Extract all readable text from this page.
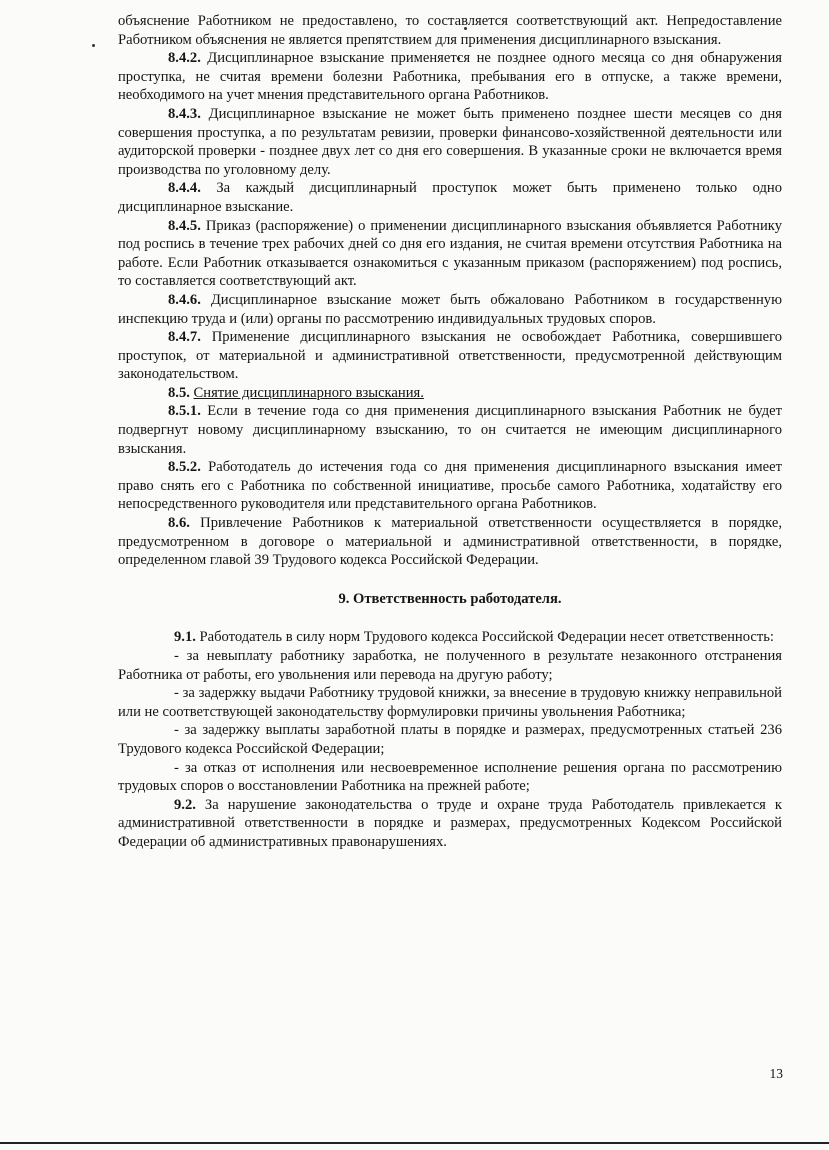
объяснение Работником не предоставлено, то составляется соответствующий акт. Непредоставление Работником объяснения не является препятствием для применения дисциплинарного взыскания.

8.4.2. Дисциплинарное взыскание применяется не позднее одного месяца со дня обнаружения проступка, не считая времени болезни Работника, пребывания его в отпуске, а также времени, необходимого на учет мнения представительного органа Работников.

8.4.3. Дисциплинарное взыскание не может быть применено позднее шести месяцев со дня совершения проступка, а по результатам ревизии, проверки финансово-хозяйственной деятельности или аудиторской проверки - позднее двух лет со дня его совершения. В указанные сроки не включается время производства по уголовному делу.

8.4.4. За каждый дисциплинарный проступок может быть применено только одно дисциплинарное взыскание.

8.4.5. Приказ (распоряжение) о применении дисциплинарного взыскания объявляется Работнику под роспись в течение трех рабочих дней со дня его издания, не считая времени отсутствия Работника на работе. Если Работник отказывается ознакомиться с указанным приказом (распоряжением) под роспись, то составляется соответствующий акт.

8.4.6. Дисциплинарное взыскание может быть обжаловано Работником в государственную инспекцию труда и (или) органы по рассмотрению индивидуальных трудовых споров.

8.4.7. Применение дисциплинарного взыскания не освобождает Работника, совершившего проступок, от материальной и административной ответственности, предусмотренной действующим законодательством.

8.5. Снятие дисциплинарного взыскания.

8.5.1. Если в течение года со дня применения дисциплинарного взыскания Работник не будет подвергнут новому дисциплинарному взысканию, то он считается не имеющим дисциплинарного взыскания.

8.5.2. Работодатель до истечения года со дня применения дисциплинарного взыскания имеет право снять его с Работника по собственной инициативе, просьбе самого Работника, ходатайству его непосредственного руководителя или представительного органа Работников.

8.6. Привлечение Работников к материальной ответственности осуществляется в порядке, предусмотренном в договоре о материальной и административной ответственности, в порядке, определенном главой 39 Трудового кодекса Российской Федерации.

9. Ответственность работодателя.

9.1. Работодатель в силу норм Трудового кодекса Российской Федерации несет ответственность:

- за невыплату работнику заработка, не полученного в результате незаконного отстранения Работника от работы, его увольнения или перевода на другую работу;

- за задержку выдачи Работнику трудовой книжки, за внесение в трудовую книжку неправильной или не соответствующей законодательству формулировки причины увольнения Работника;

- за задержку выплаты заработной платы в порядке и размерах, предусмотренных статьей 236 Трудового кодекса Российской Федерации;

- за отказ от исполнения или несвоевременное исполнение решения органа по рассмотрению трудовых споров о восстановлении Работника на прежней работе;

9.2. За нарушение законодательства о труде и охране труда Работодатель привлекается к административной ответственности в порядке и размерах, предусмотренных Кодексом Российской Федерации об административных правонарушениях.

13
